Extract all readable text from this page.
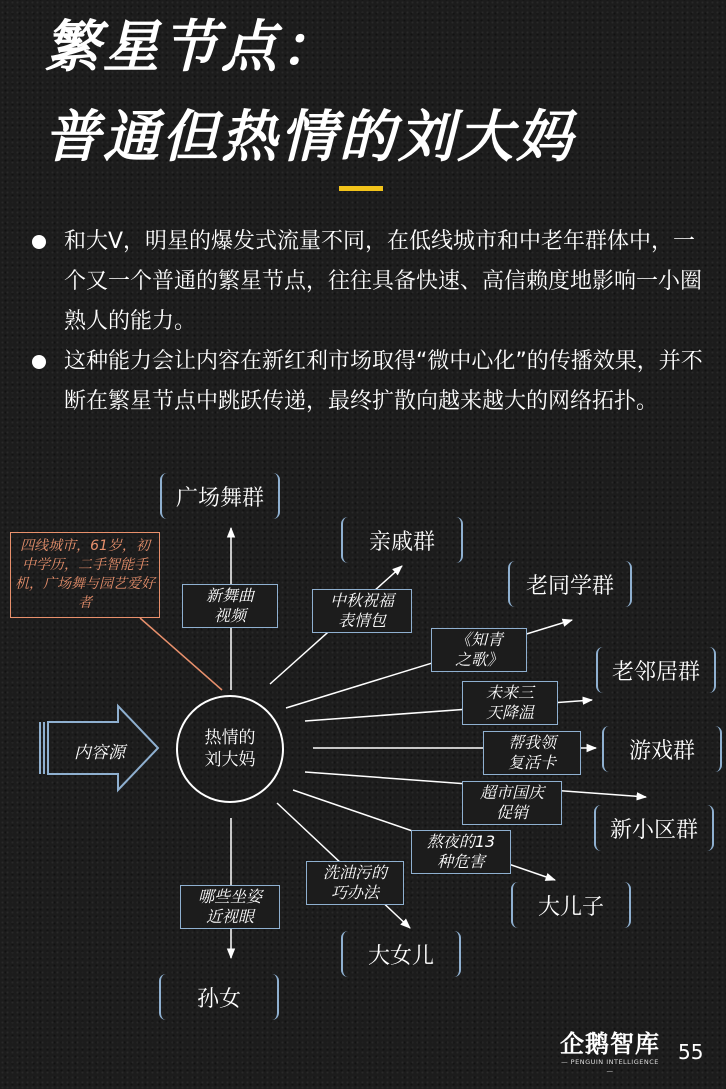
繁星节点：
普通但热情的刘大妈
和大V，明星的爆发式流量不同，在低线城市和中老年群体中，一个又一个普通的繁星节点，往往具备快速、高信赖度地影响一小圈熟人的能力。
这种能力会让内容在新红利市场取得“微中心化”的传播效果，并不断在繁星节点中跳跃传递，最终扩散向越来越大的网络拓扑。
四线城市，61岁，初中学历，二手智能手机，广场舞与园艺爱好者
内容源
热情的
刘大妈
广场舞群
亲戚群
老同学群
老邻居群
游戏群
新小区群
大儿子
大女儿
孙女
新舞曲
视频
中秋祝福
表情包
《知青
之歌》
未来三
天降温
帮我领
复活卡
超市国庆
促销
熬夜的13
种危害
洗油污的
巧办法
哪些坐姿
近视眼
企鹅智库
— PENGUIN INTELLIGENCE —
55
